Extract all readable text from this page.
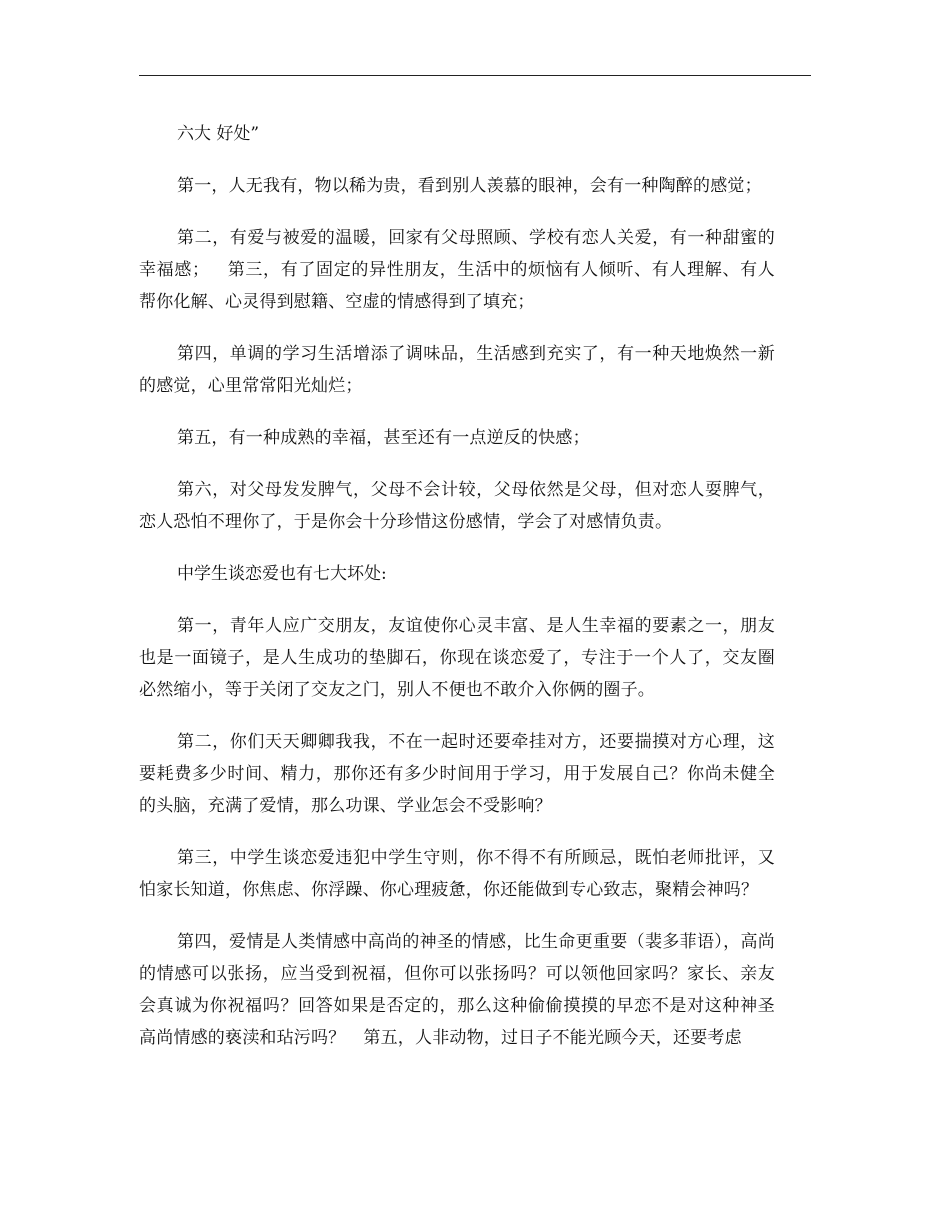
六大 好处”

第一，人无我有，物以稀为贵，看到别人羡慕的眼神，会有一种陶醉的感觉；

第二，有爱与被爱的温暖，回家有父母照顾、学校有恋人关爱，有一种甜蜜的幸福感； 第三，有了固定的异性朋友，生活中的烦恼有人倾听、有人理解、有人帮你化解、心灵得到慰籍、空虚的情感得到了填充；

第四，单调的学习生活增添了调味品，生活感到充实了，有一种天地焕然一新的感觉，心里常常阳光灿烂；

第五，有一种成熟的幸福，甚至还有一点逆反的快感；

第六，对父母发发脾气，父母不会计较，父母依然是父母，但对恋人耍脾气，恋人恐怕不理你了，于是你会十分珍惜这份感情，学会了对感情负责。

中学生谈恋爱也有七大坏处:

第一，青年人应广交朋友，友谊使你心灵丰富、是人生幸福的要素之一，朋友也是一面镜子，是人生成功的垫脚石，你现在谈恋爱了，专注于一个人了，交友圈必然缩小，等于关闭了交友之门，别人不便也不敢介入你俩的圈子。

第二，你们天天卿卿我我，不在一起时还要牵挂对方，还要揣摸对方心理，这要耗费多少时间、精力，那你还有多少时间用于学习，用于发展自己？你尚未健全的头脑，充满了爱情，那么功课、学业怎会不受影响？

第三，中学生谈恋爱违犯中学生守则，你不得不有所顾忌，既怕老师批评，又怕家长知道，你焦虑、你浮躁、你心理疲惫，你还能做到专心致志，聚精会神吗？

第四，爱情是人类情感中高尚的神圣的情感，比生命更重要（裴多菲语），高尚的情感可以张扬，应当受到祝福，但你可以张扬吗？可以领他回家吗？家长、亲友会真诚为你祝福吗？回答如果是否定的，那么这种偷偷摸摸的早恋不是对这种神圣高尚情感的亵渎和玷污吗？ 第五，人非动物，过日子不能光顾今天，还要考虑
